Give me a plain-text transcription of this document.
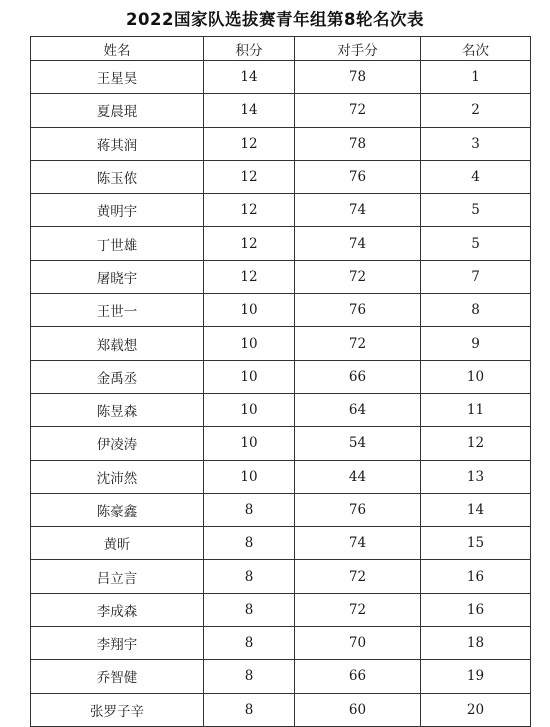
2022国家队选拔赛青年组第8轮名次表
姓名	积分	对手分	名次
王星昊	14	78	1
夏晨琨	14	72	2
蒋其润	12	78	3
陈玉侬	12	76	4
黄明宇	12	74	5
丁世雄	12	74	5
屠晓宇	12	72	7
王世一	10	76	8
郑载想	10	72	9
金禹丞	10	66	10
陈昱森	10	64	11
伊凌涛	10	54	12
沈沛然	10	44	13
陈豪鑫	8	76	14
黄昕	8	74	15
吕立言	8	72	16
李成森	8	72	16
李翔宇	8	70	18
乔智健	8	66	19
张罗子辛	8	60	20
